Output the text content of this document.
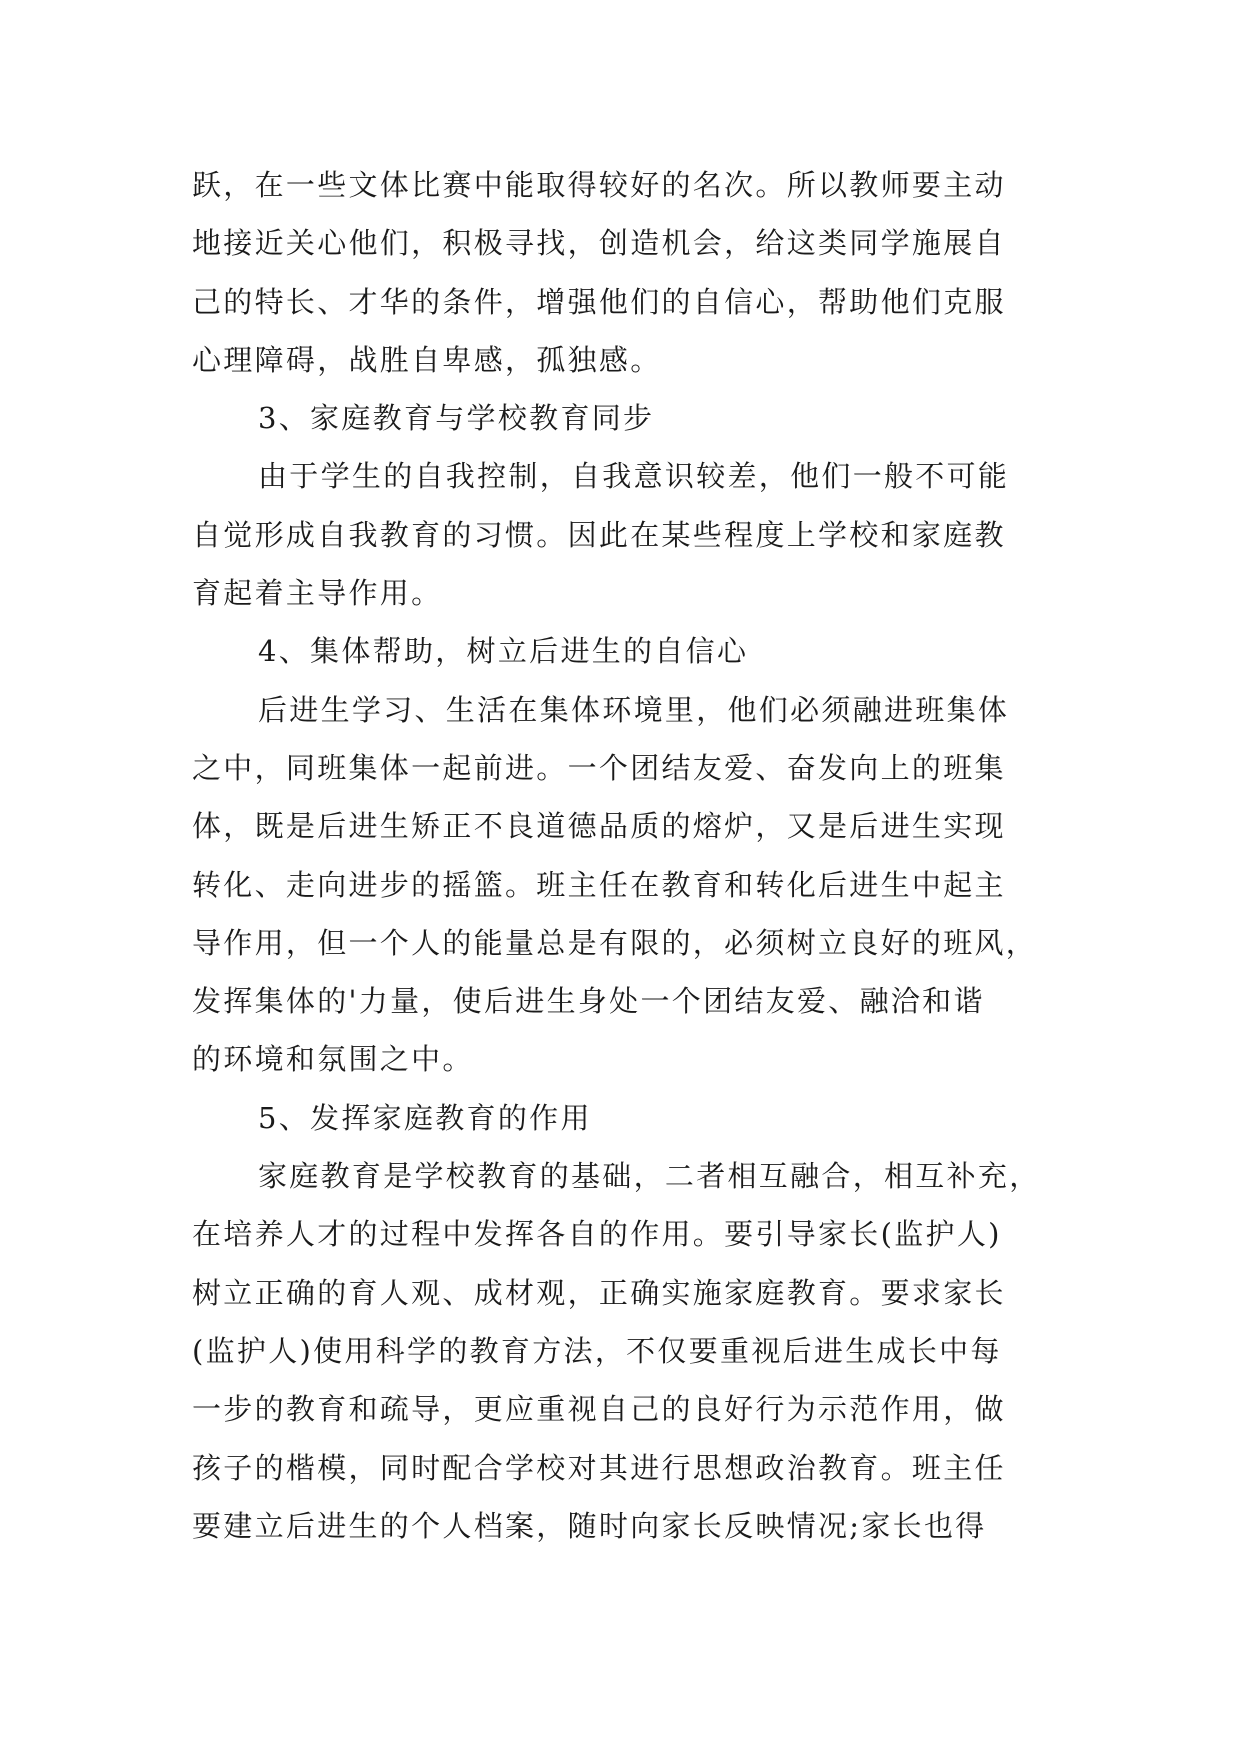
跃，在一些文体比赛中能取得较好的名次。所以教师要主动
地接近关心他们，积极寻找，创造机会，给这类同学施展自
己的特长、才华的条件，增强他们的自信心，帮助他们克服
心理障碍，战胜自卑感，孤独感。
3、家庭教育与学校教育同步
由于学生的自我控制，自我意识较差，他们一般不可能
自觉形成自我教育的习惯。因此在某些程度上学校和家庭教
育起着主导作用。
4、集体帮助，树立后进生的自信心
后进生学习、生活在集体环境里，他们必须融进班集体
之中，同班集体一起前进。一个团结友爱、奋发向上的班集
体，既是后进生矫正不良道德品质的熔炉，又是后进生实现
转化、走向进步的摇篮。班主任在教育和转化后进生中起主
导作用，但一个人的能量总是有限的，必须树立良好的班风，
发挥集体的'力量，使后进生身处一个团结友爱、融洽和谐
的环境和氛围之中。
5、发挥家庭教育的作用
家庭教育是学校教育的基础，二者相互融合，相互补充，
在培养人才的过程中发挥各自的作用。要引导家长(监护人)
树立正确的育人观、成材观，正确实施家庭教育。要求家长
(监护人)使用科学的教育方法，不仅要重视后进生成长中每
一步的教育和疏导，更应重视自己的良好行为示范作用，做
孩子的楷模，同时配合学校对其进行思想政治教育。班主任
要建立后进生的个人档案，随时向家长反映情况;家长也得
